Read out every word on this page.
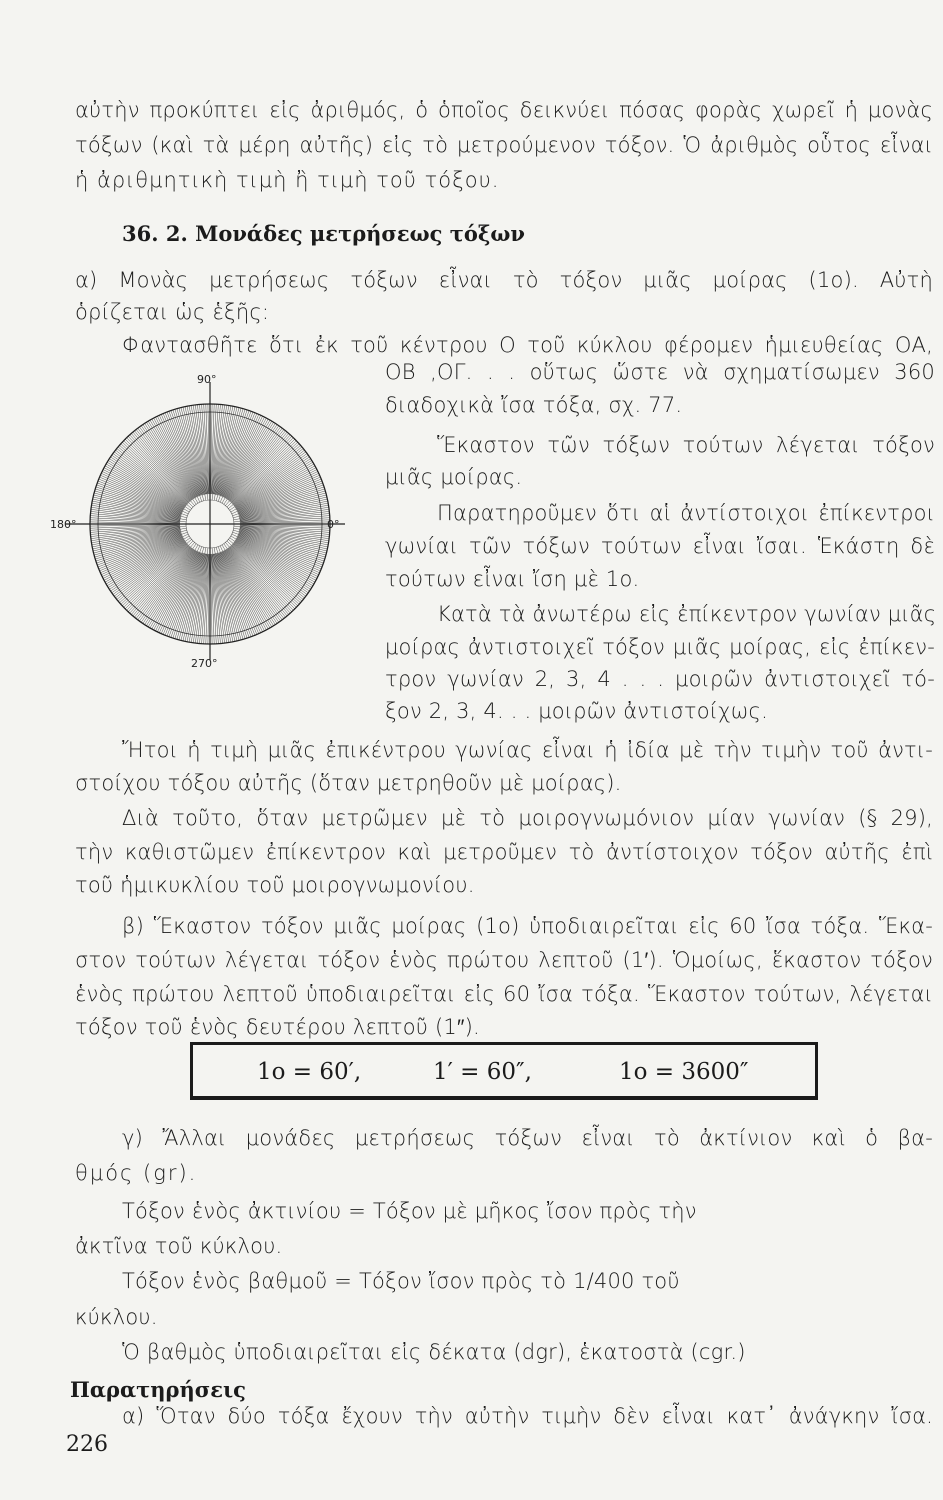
αὐτὴν προκύπτει εἰς ἀριθμός, ὁ ὁποῖος δεικνύει πόσας φορὰς χωρεῖ ἡ μονὰς
τόξων (καὶ τὰ μέρη αὐτῆς) εἰς τὸ μετρούμενον τόξον. Ὁ ἀριθμὸς οὗτος εἶναι
ἡ ἀριθμητικὴ τιμὴ ἢ τιμὴ τοῦ τόξου.
36. 2. Μονάδες μετρήσεως τόξων
α) Μονὰς μετρήσεως τόξων εἶναι τὸ τόξον μιᾶς μοίρας (1ο). Αὐτὴ
ὁρίζεται ὡς ἑξῆς:
Φαντασθῆτε ὅτι ἐκ τοῦ κέντρου Ο τοῦ κύκλου φέρομεν ἡμιευθείας ΟΑ,
90°
180°	0°
270°
ΟΒ ,ΟΓ. . . οὕτως ὥστε νὰ σχηματίσωμεν 360
διαδοχικὰ ἴσα τόξα, σχ. 77.
Ἕκαστον τῶν τόξων τούτων λέγεται τόξον
μιᾶς μοίρας.
Παρατηροῦμεν ὅτι αἱ ἀντίστοιχοι ἐπίκεντροι
γωνίαι τῶν τόξων τούτων εἶναι ἴσαι. Ἑκάστη δὲ
τούτων εἶναι ἴση μὲ 1ο.
Κατὰ τὰ ἀνωτέρω εἰς ἐπίκεντρον γωνίαν μιᾶς
μοίρας ἀντιστοιχεῖ τόξον μιᾶς μοίρας, εἰς ἐπίκεν-
τρον γωνίαν 2, 3, 4 . . . μοιρῶν ἀντιστοιχεῖ τό-
ξον 2, 3, 4. . . μοιρῶν ἀντιστοίχως.
Ἤτοι ἡ τιμὴ μιᾶς ἐπικέντρου γωνίας εἶναι ἡ ἰδία μὲ τὴν τιμὴν τοῦ ἀντι-
στοίχου τόξου αὐτῆς (ὅταν μετρηθοῦν μὲ μοίρας).
Διὰ τοῦτο, ὅταν μετρῶμεν μὲ τὸ μοιρογνωμόνιον μίαν γωνίαν (§ 29),
τὴν καθιστῶμεν ἐπίκεντρον καὶ μετροῦμεν τὸ ἀντίστοιχον τόξον αὐτῆς ἐπὶ
τοῦ ἡμικυκλίου τοῦ μοιρογνωμονίου.
β) Ἕκαστον τόξον μιᾶς μοίρας (1ο) ὑποδιαιρεῖται εἰς 60 ἴσα τόξα. Ἕκα-
στον τούτων λέγεται τόξον ἑνὸς πρώτου λεπτοῦ (1′). Ὁμοίως, ἕκαστον τόξον
ἑνὸς πρώτου λεπτοῦ ὑποδιαιρεῖται εἰς 60 ἴσα τόξα. Ἕκαστον τούτων, λέγεται
τόξον τοῦ ἑνὸς δευτέρου λεπτοῦ (1″).
1ο = 60′,	1′ = 60″,	1ο = 3600″
γ) Ἄλλαι μονάδες μετρήσεως τόξων εἶναι τὸ ἀκτίνιον καὶ ὁ βα-
θμός (gr).
Τόξον ἑνὸς ἀκτινίου = Τόξον μὲ μῆκος ἴσον πρὸς τὴν
ἀκτῖνα τοῦ κύκλου.
Τόξον ἑνὸς βαθμοῦ = Τόξον ἴσον πρὸς τὸ 1/400 τοῦ
κύκλου.
Ὁ βαθμὸς ὑποδιαιρεῖται εἰς δέκατα (dgr), ἑκατοστὰ (cgr.)
Παρατηρήσεις
α) Ὅταν δύο τόξα ἔχουν τὴν αὐτὴν τιμὴν δὲν εἶναι κατ᾽ ἀνάγκην ἴσα.
226
